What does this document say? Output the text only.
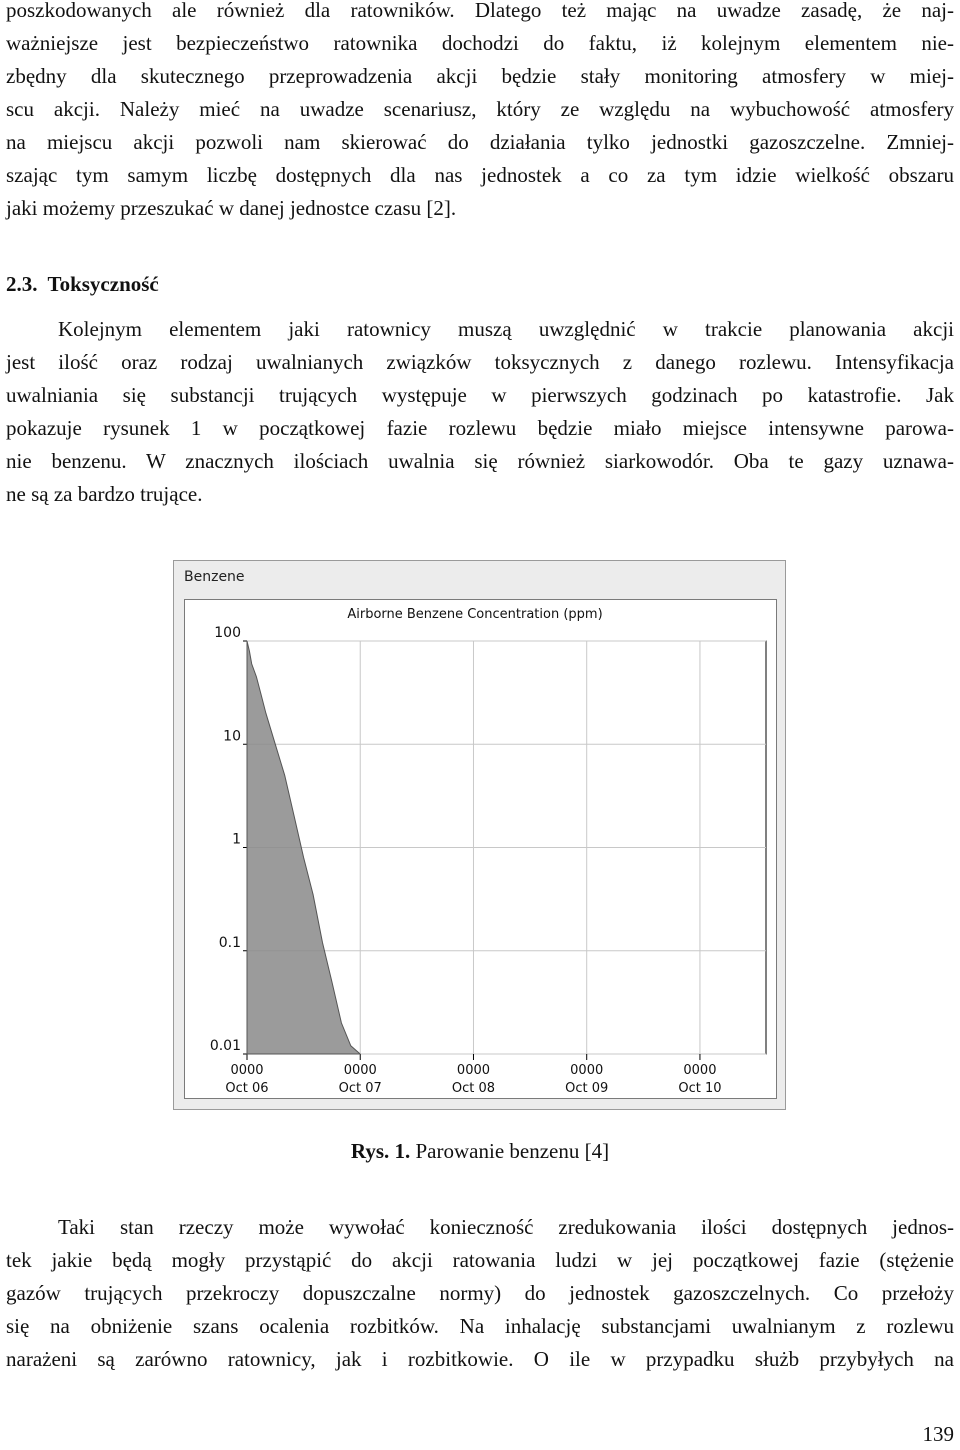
poszkodowanych ale również dla ratowników. Dlatego też mając na uwadze zasadę, że naj-
ważniejsze jest bezpieczeństwo ratownika dochodzi do faktu, iż kolejnym elementem nie-
zbędny dla skutecznego przeprowadzenia akcji będzie stały monitoring atmosfery w miej-
scu akcji. Należy mieć na uwadze scenariusz, który ze względu na wybuchowość atmosfery
na miejscu akcji pozwoli nam skierować do działania tylko jednostki gazoszczelne. Zmniej-
szając tym samym liczbę dostępnych dla nas jednostek a co za tym idzie wielkość obszaru
jaki możemy przeszukać w danej jednostce czasu [2].
2.3. Toksyczność
Kolejnym elementem jaki ratownicy muszą uwzględnić w trakcie planowania akcji
jest ilość oraz rodzaj uwalnianych związków toksycznych z danego rozlewu. Intensyfikacja
uwalniania się substancji trujących występuje w pierwszych godzinach po katastrofie. Jak
pokazuje rysunek 1 w początkowej fazie rozlewu będzie miało miejsce intensywne parowa-
nie benzenu. W znacznych ilościach uwalnia się również siarkowodór. Oba te gazy uznawa-
ne są za bardzo trujące.
Benzene
100
10
1
0.1
0.01
0000
Oct 06
0000
Oct 07
0000
Oct 08
0000
Oct 09
0000
Oct 10
Airborne Benzene Concentration (ppm)
Rys. 1. Parowanie benzenu [4]
Taki stan rzeczy może wywołać konieczność zredukowania ilości dostępnych jednos-
tek jakie będą mogły przystąpić do akcji ratowania ludzi w jej początkowej fazie (stężenie
gazów trujących przekroczy dopuszczalne normy) do jednostek gazoszczelnych. Co przełoży
się na obniżenie szans ocalenia rozbitków. Na inhalację substancjami uwalnianym z rozlewu
narażeni są zarówno ratownicy, jak i rozbitkowie. O ile w przypadku służb przybyłych na
139
